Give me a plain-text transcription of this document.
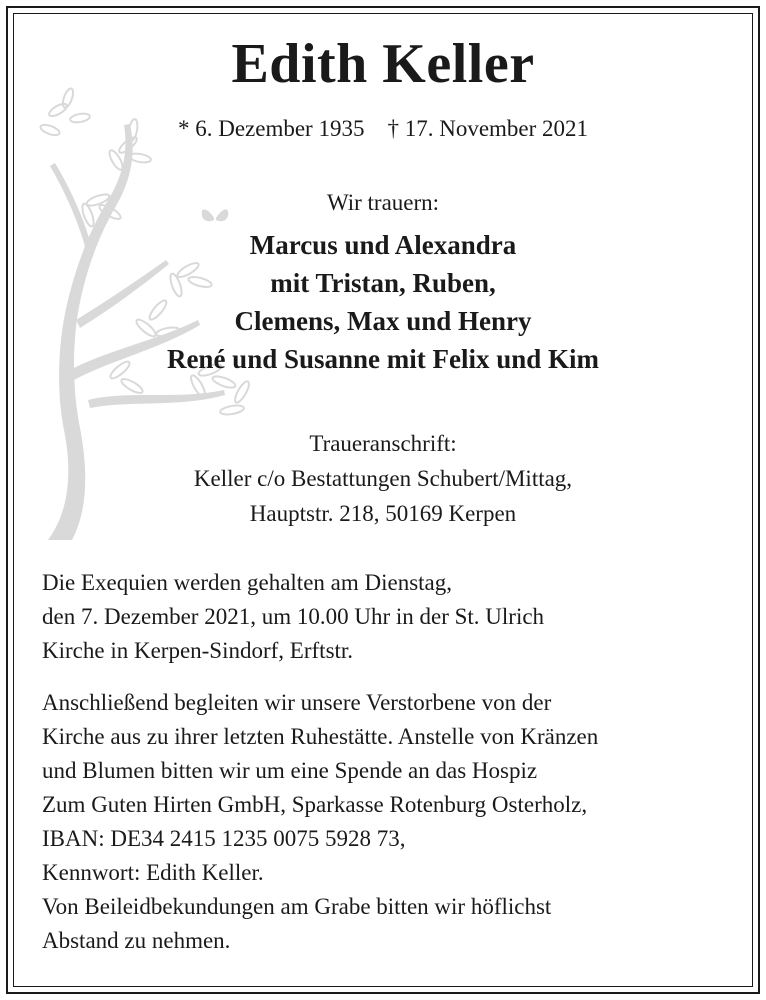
Edith Keller
* 6. Dezember 1935 † 17. November 2021
Wir trauern:
Marcus und Alexandra
mit Tristan, Ruben,
Clemens, Max und Henry
René und Susanne mit Felix und Kim
Traueranschrift:
Keller c/o Bestattungen Schubert/Mittag,
Hauptstr. 218, 50169 Kerpen
Die Exequien werden gehalten am Dienstag,
den 7. Dezember 2021, um 10.00 Uhr in der St. Ulrich
Kirche in Kerpen-Sindorf, Erftstr.
Anschließend begleiten wir unsere Verstorbene von der
Kirche aus zu ihrer letzten Ruhestätte. Anstelle von Kränzen
und Blumen bitten wir um eine Spende an das Hospiz
Zum Guten Hirten GmbH, Sparkasse Rotenburg Osterholz,
IBAN: DE34 2415 1235 0075 5928 73,
Kennwort: Edith Keller.
Von Beileidbekundungen am Grabe bitten wir höflichst
Abstand zu nehmen.
